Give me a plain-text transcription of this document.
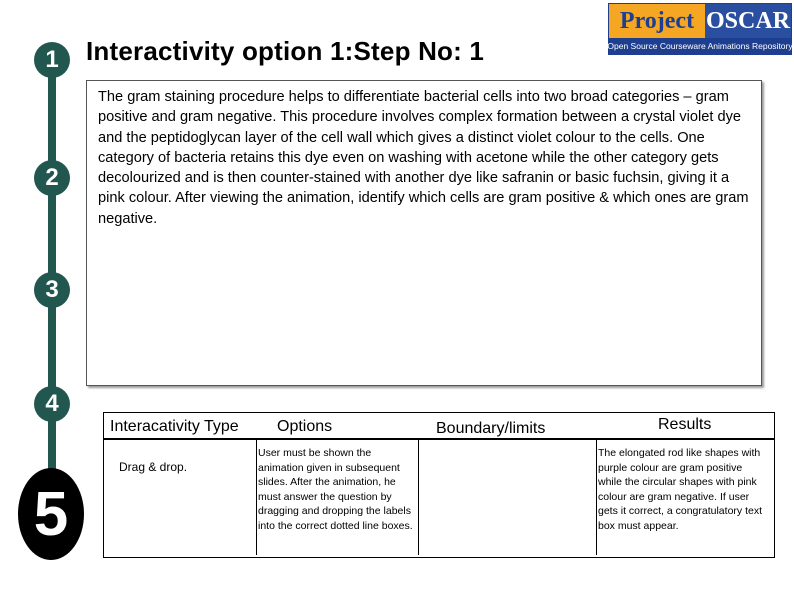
1
2
3
4
5
Interactivity option 1:Step No: 1
Project OSCAR
Open Source Courseware Animations Repository
The gram staining procedure helps to differentiate bacterial cells into two broad categories – gram positive and gram negative. This procedure involves complex formation between a crystal violet dye and the peptidoglycan layer of the cell wall which gives a distinct violet colour to the cells. One category of bacteria retains this dye even on washing with acetone while the other category gets decolourized and is then counter-stained with another dye like safranin or basic fuchsin, giving it a pink colour. After viewing the animation, identify which cells are gram positive & which ones are gram negative.
Interacativity Type Options	Boundary/limits	Results
Drag & drop.
User must be shown the animation given in subsequent slides. After the animation, he must answer the question by dragging and dropping the labels into the correct dotted line boxes.
The elongated rod like shapes with purple colour are gram positive while the circular shapes with pink colour are gram negative. If user gets it correct, a congratulatory text box must appear.
